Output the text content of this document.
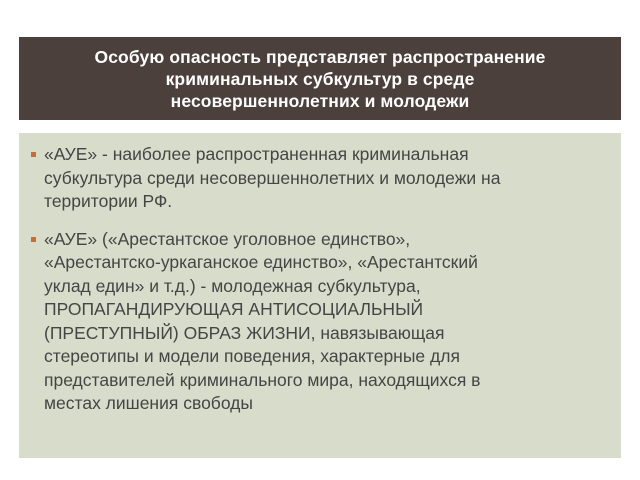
Особую опасность представляет распространение
криминальных субкультур в среде
несовершеннолетних и молодежи

«АУЕ» - наиболее распространенная криминальная
субкультура среди несовершеннолетних и молодежи на
территории РФ.
«АУЕ» («Арестантское уголовное единство»,
«Арестантско-уркаганское единство», «Арестантский
уклад един» и т.д.) - молодежная субкультура,
ПРОПАГАНДИРУЮЩАЯ АНТИСОЦИАЛЬНЫЙ
(ПРЕСТУПНЫЙ) ОБРАЗ ЖИЗНИ, навязывающая
стереотипы и модели поведения, характерные для
представителей криминального мира, находящихся в
местах лишения свободы
